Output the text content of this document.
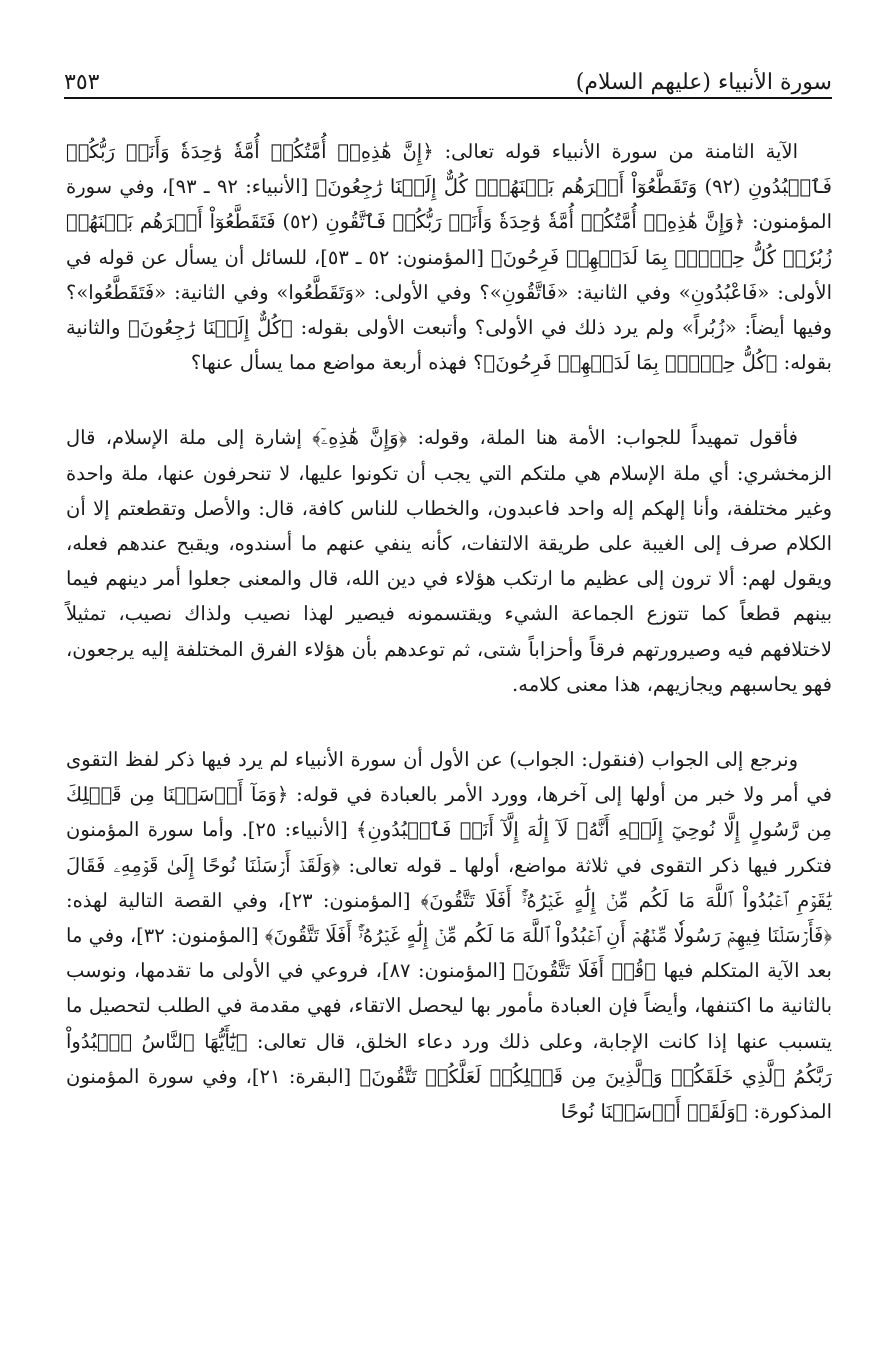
سورة الأنبياء (عليهم السلام)
٣٥٣

الآية الثامنة من سورة الأنبياء قوله تعالى: ﴿إِنَّ هَٰذِهِۦٓ أُمَّتُكُمۡ أُمَّةٗ وَٰحِدَةٗ وَأَنَا۠ رَبُّكُمۡ فَٱعۡبُدُونِ (٩٢) وَتَقَطَّعُوٓاْ أَمۡرَهُم بَيۡنَهُمۡۖ كُلٌّ إِلَيۡنَا رَٰجِعُونَ﴾ [الأنبياء: ٩٢ ـ ٩٣]، وفي سورة المؤمنون: ﴿وَإِنَّ هَٰذِهِۦٓ أُمَّتُكُمۡ أُمَّةٗ وَٰحِدَةٗ وَأَنَا۠ رَبُّكُمۡ فَٱتَّقُونِ (٥٢) فَتَقَطَّعُوٓاْ أَمۡرَهُم بَيۡنَهُمۡ زُبُرٗاۖ كُلُّ حِزۡبِۢ بِمَا لَدَيۡهِمۡ فَرِحُونَ﴾ [المؤمنون: ٥٢ ـ ٥٣]، للسائل أن يسأل عن قوله في الأولى: «فَاعْبُدُونِ» وفي الثانية: «فَاتَّقُونِ»؟ وفي الأولى: «وَتَقَطَّعُوا» وفي الثانية: «فَتَقَطَّعُوا»؟ وفيها أيضاً: «زُبُراً» ولم يرد ذلك في الأولى؟ وأتبعت الأولى بقوله: ﴿كُلٌّ إِلَيۡنَا رَٰجِعُونَ﴾ والثانية بقوله: ﴿كُلُّ حِزۡبِۢ بِمَا لَدَيۡهِمۡ فَرِحُونَ﴾؟ فهذه أربعة مواضع مما يسأل عنها؟

فأقول تمهيداً للجواب: الأمة هنا الملة، وقوله: ﴿وَإِنَّ هَٰذِهِۦٓ﴾ إشارة إلى ملة الإسلام، قال الزمخشري: أي ملة الإسلام هي ملتكم التي يجب أن تكونوا عليها، لا تنحرفون عنها، ملة واحدة وغير مختلفة، وأنا إلهكم إله واحد فاعبدون، والخطاب للناس كافة، قال: والأصل وتقطعتم إلا أن الكلام صرف إلى الغيبة على طريقة الالتفات، كأنه ينفي عنهم ما أسندوه، ويقبح عندهم فعله، ويقول لهم: ألا ترون إلى عظيم ما ارتكب هؤلاء في دين الله، قال والمعنى جعلوا أمر دينهم فيما بينهم قطعاً كما تتوزع الجماعة الشيء ويقتسمونه فيصير لهذا نصيب ولذاك نصيب، تمثيلاً لاختلافهم فيه وصيرورتهم فرقاً وأحزاباً شتى، ثم توعدهم بأن هؤلاء الفرق المختلفة إليه يرجعون، فهو يحاسبهم ويجازيهم، هذا معنى كلامه.

ونرجع إلى الجواب (فنقول: الجواب) عن الأول أن سورة الأنبياء لم يرد فيها ذكر لفظ التقوى في أمر ولا خبر من أولها إلى آخرها، وورد الأمر بالعبادة في قوله: ﴿وَمَآ أَرۡسَلۡنَا مِن قَبۡلِكَ مِن رَّسُولٍ إِلَّا نُوحِيٓ إِلَيۡهِ أَنَّهُۥ لَآ إِلَٰهَ إِلَّآ أَنَا۠ فَٱعۡبُدُونِ﴾ [الأنبياء: ٢٥]. وأما سورة المؤمنون فتكرر فيها ذكر التقوى في ثلاثة مواضع، أولها ـ قوله تعالى: ﴿وَلَقَدۡ أَرۡسَلۡنَا نُوحًا إِلَىٰ قَوۡمِهِۦ فَقَالَ يَٰقَوۡمِ ٱعۡبُدُواْ ٱللَّهَ مَا لَكُم مِّنۡ إِلَٰهٍ غَيۡرُهُۥٓۚ أَفَلَا تَتَّقُونَ﴾ [المؤمنون: ٢٣]، وفي القصة التالية لهذه: ﴿فَأَرۡسَلۡنَا فِيهِمۡ رَسُولٗا مِّنۡهُمۡ أَنِ ٱعۡبُدُواْ ٱللَّهَ مَا لَكُم مِّنۡ إِلَٰهٍ غَيۡرُهُۥٓۚ أَفَلَا تَتَّقُونَ﴾ [المؤمنون: ٣٢]، وفي ما بعد الآية المتكلم فيها ﴿قُلۡ أَفَلَا تَتَّقُونَ﴾ [المؤمنون: ٨٧]، فروعي في الأولى ما تقدمها، ونوسب بالثانية ما اكتنفها، وأيضاً فإن العبادة مأمور بها ليحصل الاتقاء، فهي مقدمة في الطلب لتحصيل ما يتسبب عنها إذا كانت الإجابة، وعلى ذلك ورد دعاء الخلق، قال تعالى: ﴿يَٰٓأَيُّهَا ٱلنَّاسُ ٱعۡبُدُواْ رَبَّكُمُ ٱلَّذِي خَلَقَكُمۡ وَٱلَّذِينَ مِن قَبۡلِكُمۡ لَعَلَّكُمۡ تَتَّقُونَ﴾ [البقرة: ٢١]، وفي سورة المؤمنون المذكورة: ﴿وَلَقَدۡ أَرۡسَلۡنَا نُوحًا
